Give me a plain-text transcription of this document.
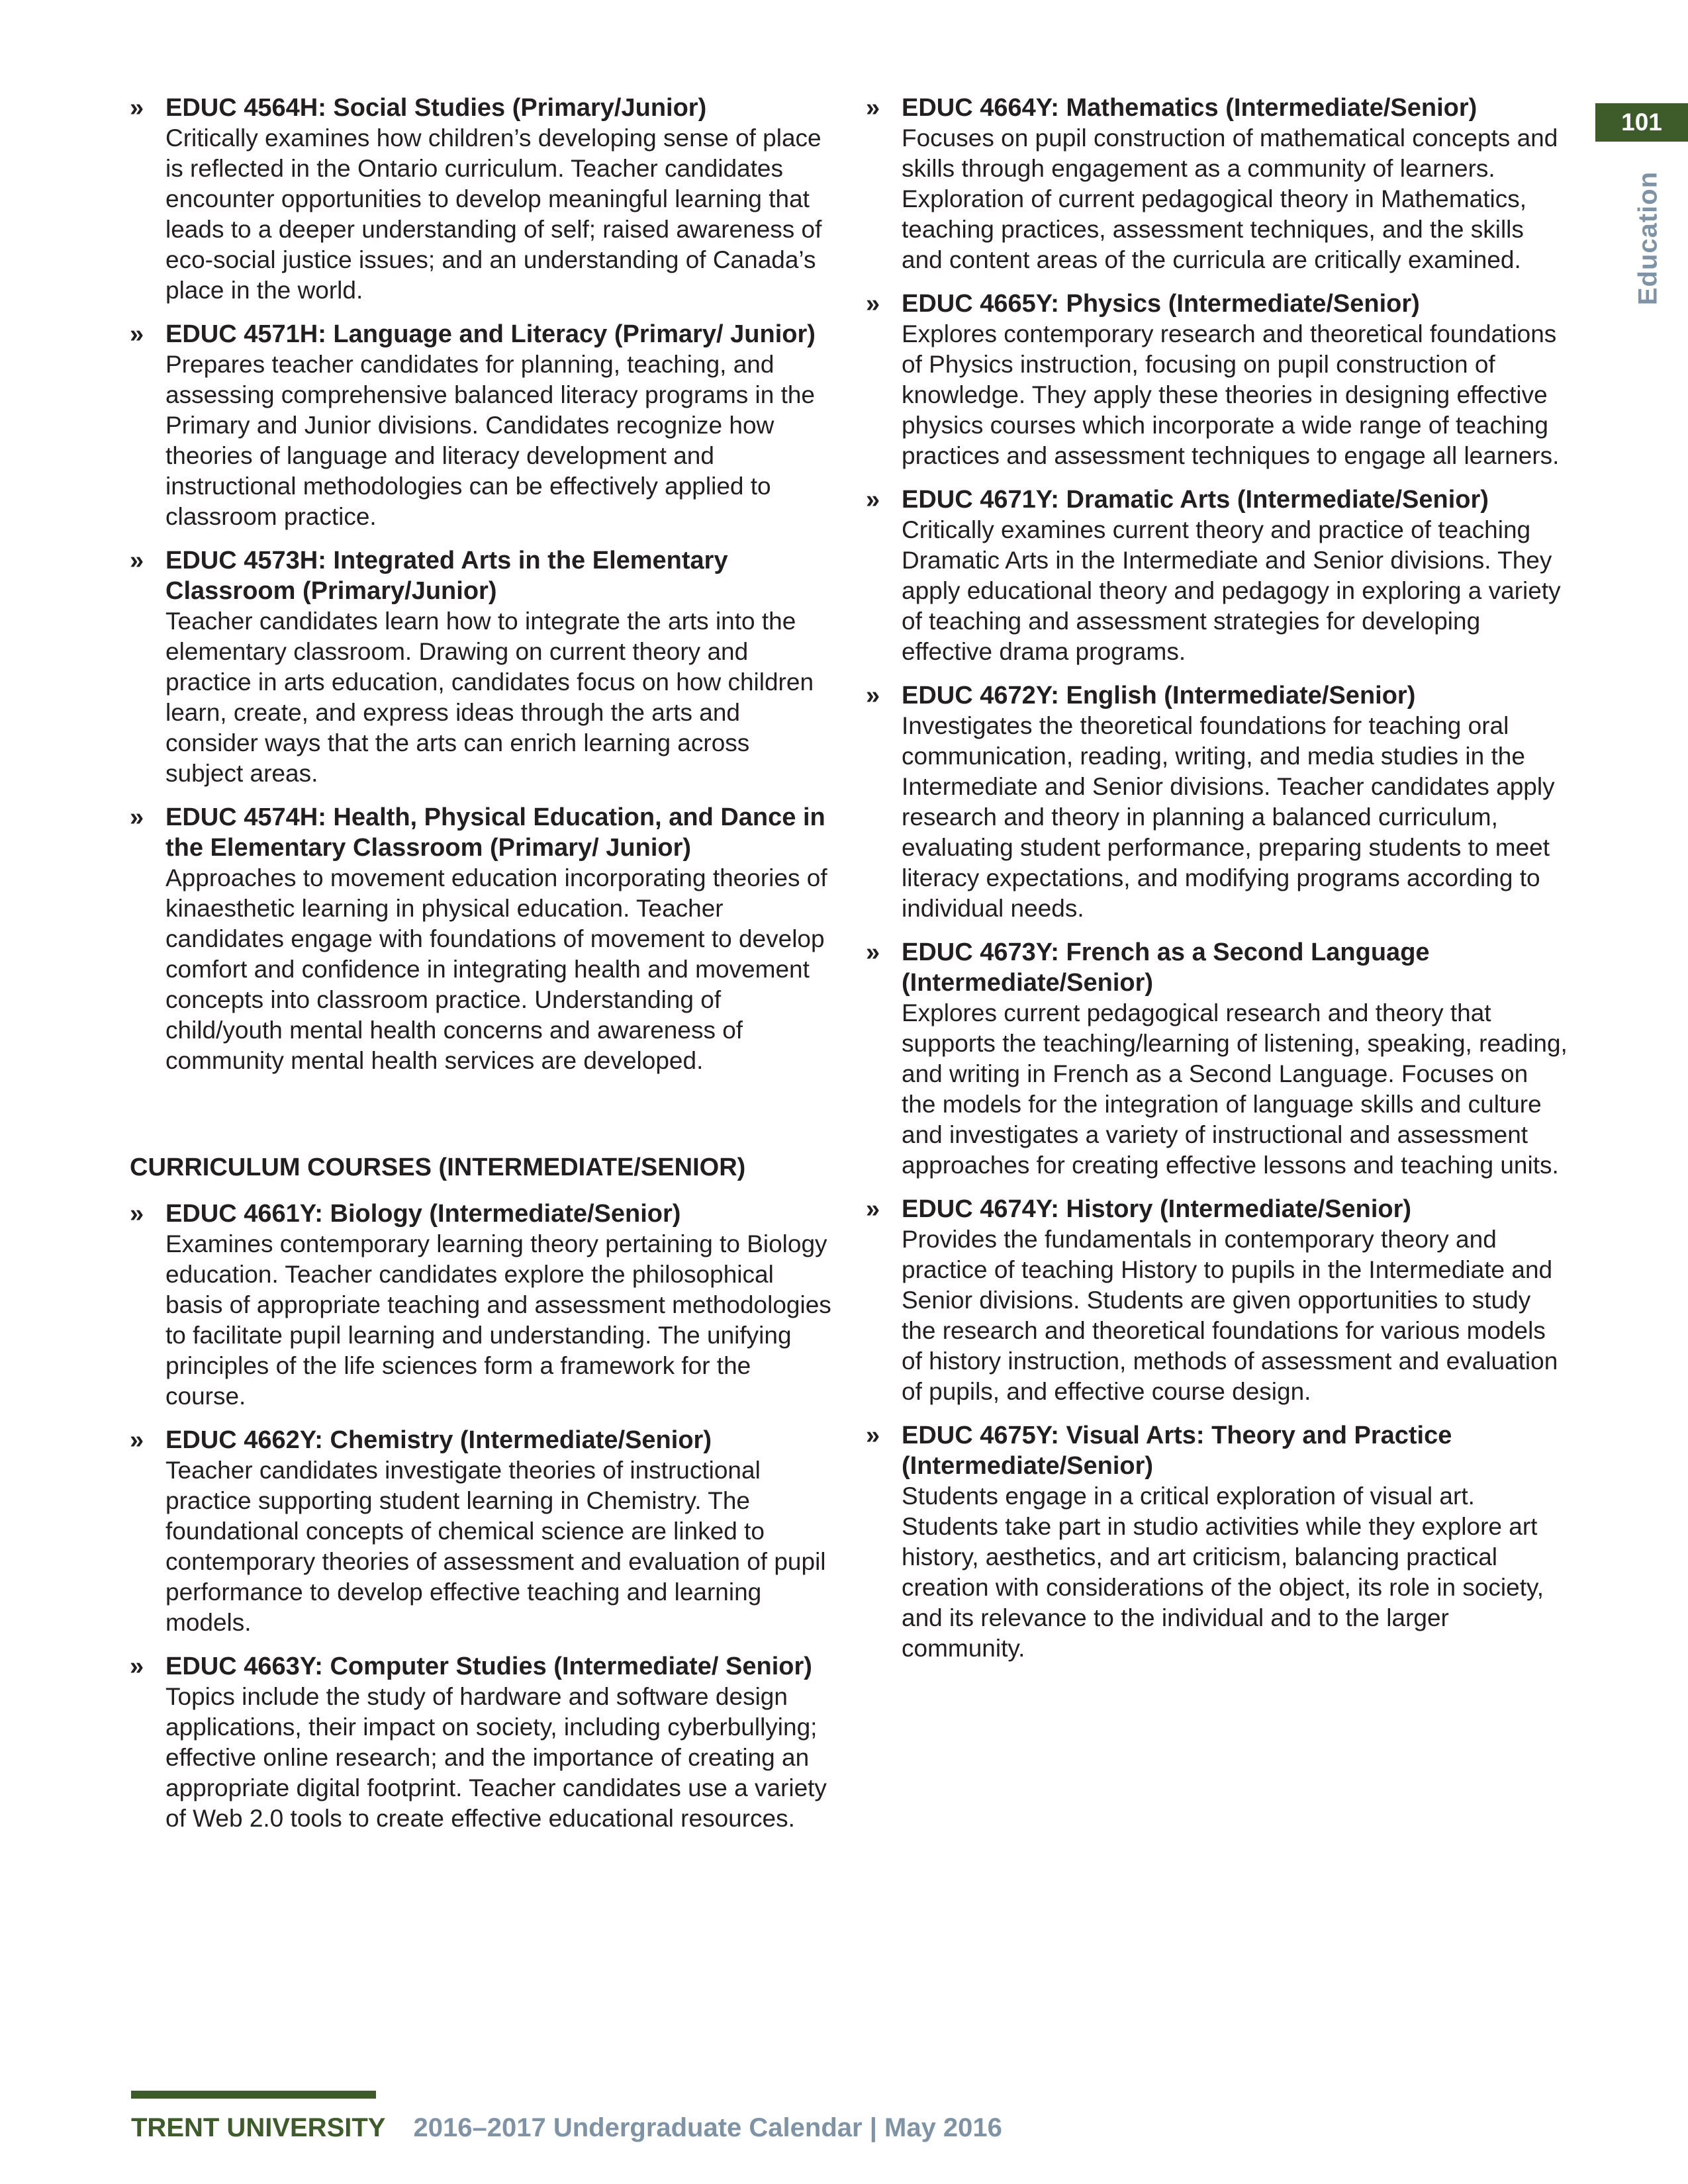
» EDUC 4564H: Social Studies (Primary/Junior)
Critically examines how children’s developing sense of place is reflected in the Ontario curriculum. Teacher candidates encounter opportunities to develop meaningful learning that leads to a deeper understanding of self; raised awareness of eco-social justice issues; and an understanding of Canada’s place in the world.
» EDUC 4571H: Language and Literacy (Primary/ Junior)
Prepares teacher candidates for planning, teaching, and assessing comprehensive balanced literacy programs in the Primary and Junior divisions. Candidates recognize how theories of language and literacy development and instructional methodologies can be effectively applied to classroom practice.
» EDUC 4573H: Integrated Arts in the Elementary Classroom (Primary/Junior)
Teacher candidates learn how to integrate the arts into the elementary classroom. Drawing on current theory and practice in arts education, candidates focus on how children learn, create, and express ideas through the arts and consider ways that the arts can enrich learning across subject areas.
» EDUC 4574H: Health, Physical Education, and Dance in the Elementary Classroom (Primary/ Junior)
Approaches to movement education incorporating theories of kinaesthetic learning in physical education. Teacher candidates engage with foundations of movement to develop comfort and confidence in integrating health and movement concepts into classroom practice. Understanding of child/youth mental health concerns and awareness of community mental health services are developed.
CURRICULUM COURSES (INTERMEDIATE/SENIOR)
» EDUC 4661Y: Biology (Intermediate/Senior)
Examines contemporary learning theory pertaining to Biology education. Teacher candidates explore the philosophical basis of appropriate teaching and assessment methodologies to facilitate pupil learning and understanding. The unifying principles of the life sciences form a framework for the course.
» EDUC 4662Y: Chemistry (Intermediate/Senior)
Teacher candidates investigate theories of instructional practice supporting student learning in Chemistry. The foundational concepts of chemical science are linked to contemporary theories of assessment and evaluation of pupil performance to develop effective teaching and learning models.
» EDUC 4663Y: Computer Studies (Intermediate/ Senior)
Topics include the study of hardware and software design applications, their impact on society, including cyberbullying; effective online research; and the importance of creating an appropriate digital footprint. Teacher candidates use a variety of Web 2.0 tools to create effective educational resources.
» EDUC 4664Y: Mathematics (Intermediate/Senior)
Focuses on pupil construction of mathematical concepts and skills through engagement as a community of learners. Exploration of current pedagogical theory in Mathematics, teaching practices, assessment techniques, and the skills and content areas of the curricula are critically examined.
» EDUC 4665Y: Physics (Intermediate/Senior)
Explores contemporary research and theoretical foundations of Physics instruction, focusing on pupil construction of knowledge. They apply these theories in designing effective physics courses which incorporate a wide range of teaching practices and assessment techniques to engage all learners.
» EDUC 4671Y: Dramatic Arts (Intermediate/Senior)
Critically examines current theory and practice of teaching Dramatic Arts in the Intermediate and Senior divisions. They apply educational theory and pedagogy in exploring a variety of teaching and assessment strategies for developing effective drama programs.
» EDUC 4672Y: English (Intermediate/Senior)
Investigates the theoretical foundations for teaching oral communication, reading, writing, and media studies in the Intermediate and Senior divisions. Teacher candidates apply research and theory in planning a balanced curriculum, evaluating student performance, preparing students to meet literacy expectations, and modifying programs according to individual needs.
» EDUC 4673Y: French as a Second Language (Intermediate/Senior)
Explores current pedagogical research and theory that supports the teaching/learning of listening, speaking, reading, and writing in French as a Second Language. Focuses on the models for the integration of language skills and culture and investigates a variety of instructional and assessment approaches for creating effective lessons and teaching units.
» EDUC 4674Y: History (Intermediate/Senior)
Provides the fundamentals in contemporary theory and practice of teaching History to pupils in the Intermediate and Senior divisions. Students are given opportunities to study the research and theoretical foundations for various models of history instruction, methods of assessment and evaluation of pupils, and effective course design.
» EDUC 4675Y: Visual Arts: Theory and Practice (Intermediate/Senior)
Students engage in a critical exploration of visual art. Students take part in studio activities while they explore art history, aesthetics, and art criticism, balancing practical creation with considerations of the object, its role in society, and its relevance to the individual and to the larger community.
101
Education
TRENT UNIVERSITY 2016–2017 Undergraduate Calendar | May 2016
